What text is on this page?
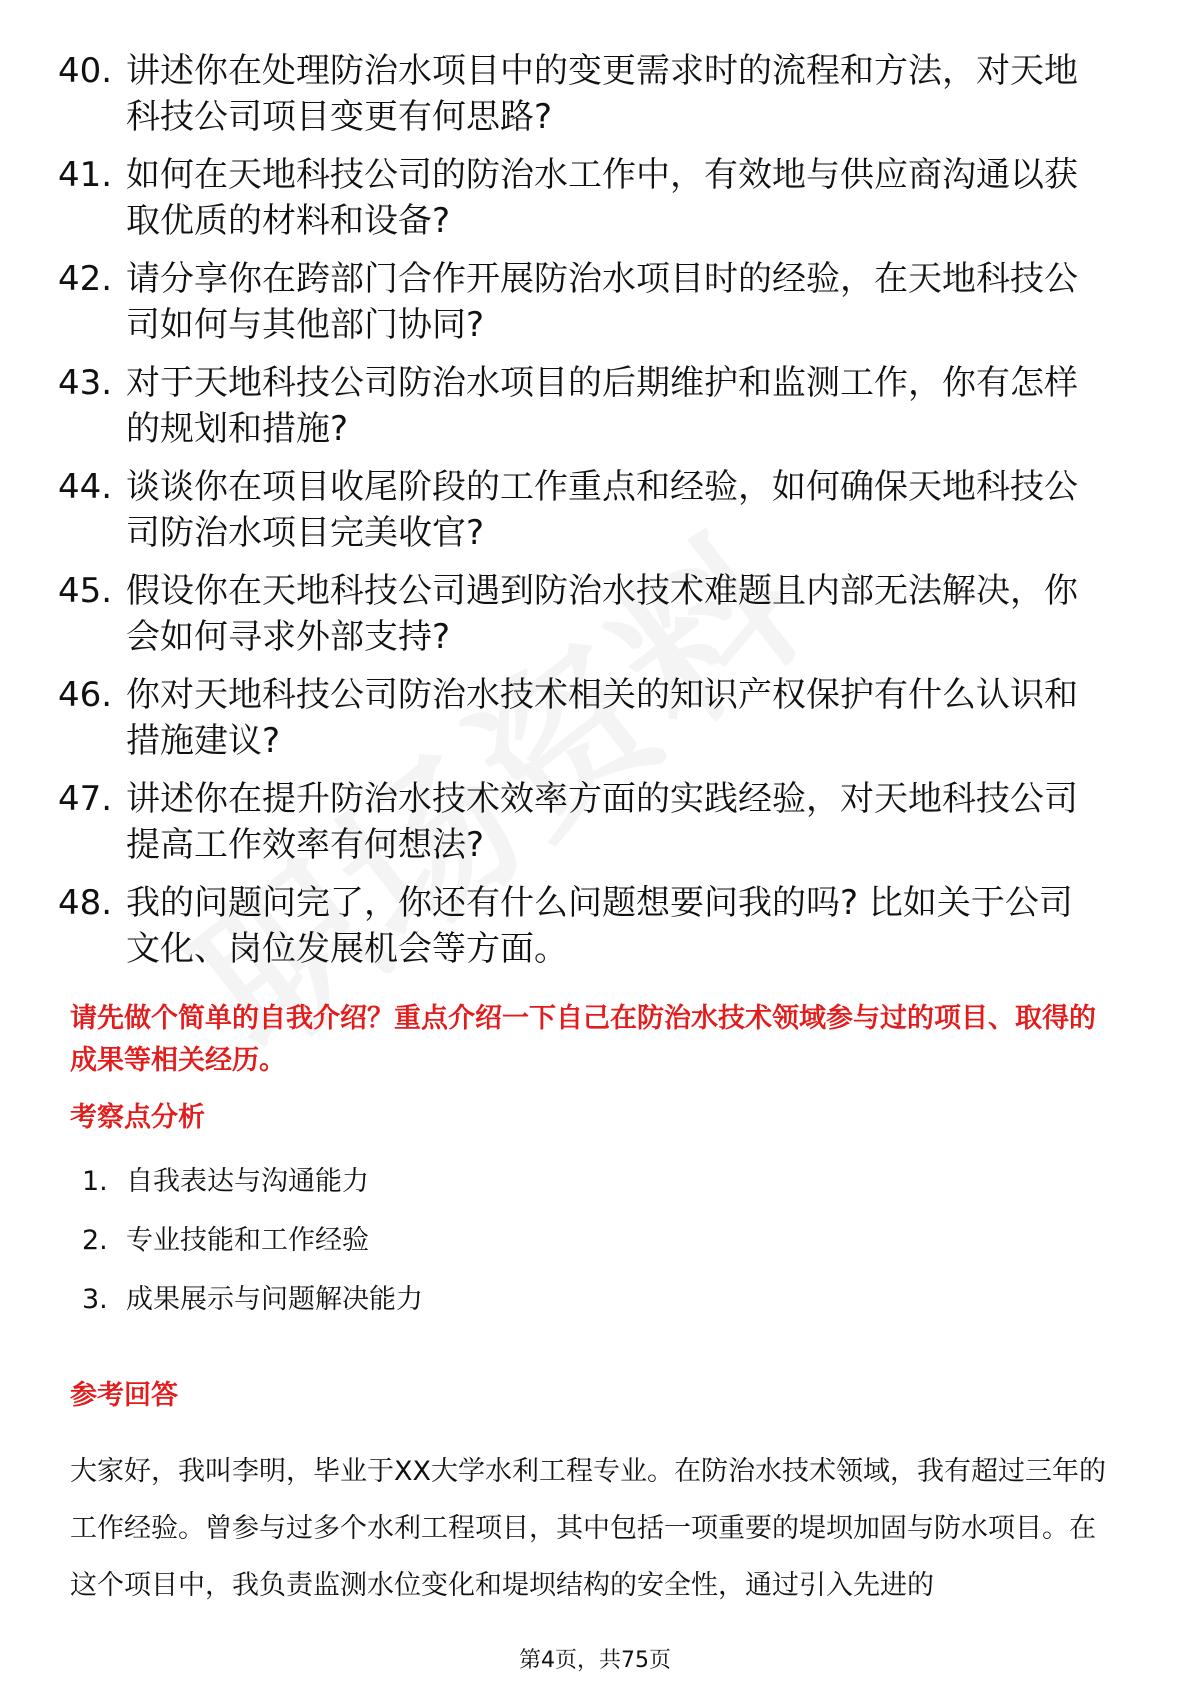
40. 讲述你在处理防治水项目中的变更需求时的流程和方法，对天地科技公司项目变更有何思路?
41. 如何在天地科技公司的防治水工作中，有效地与供应商沟通以获取优质的材料和设备?
42. 请分享你在跨部门合作开展防治水项目时的经验，在天地科技公司如何与其他部门协同?
43. 对于天地科技公司防治水项目的后期维护和监测工作，你有怎样的规划和措施?
44. 谈谈你在项目收尾阶段的工作重点和经验，如何确保天地科技公司防治水项目完美收官?
45. 假设你在天地科技公司遇到防治水技术难题且内部无法解决，你会如何寻求外部支持?
46. 你对天地科技公司防治水技术相关的知识产权保护有什么认识和措施建议?
47. 讲述你在提升防治水技术效率方面的实践经验，对天地科技公司提高工作效率有何想法?
48. 我的问题问完了，你还有什么问题想要问我的吗? 比如关于公司文化、岗位发展机会等方面。
请先做个简单的自我介绍？重点介绍一下自己在防治水技术领域参与过的项目、取得的成果等相关经历。
考察点分析
1. 自我表达与沟通能力
2. 专业技能和工作经验
3. 成果展示与问题解决能力
参考回答
大家好，我叫李明，毕业于XX大学水利工程专业。在防治水技术领域，我有超过三年的工作经验。曾参与过多个水利工程项目，其中包括一项重要的堤坝加固与防水项目。在这个项目中，我负责监测水位变化和堤坝结构的安全性，通过引入先进的
第4页，共75页
